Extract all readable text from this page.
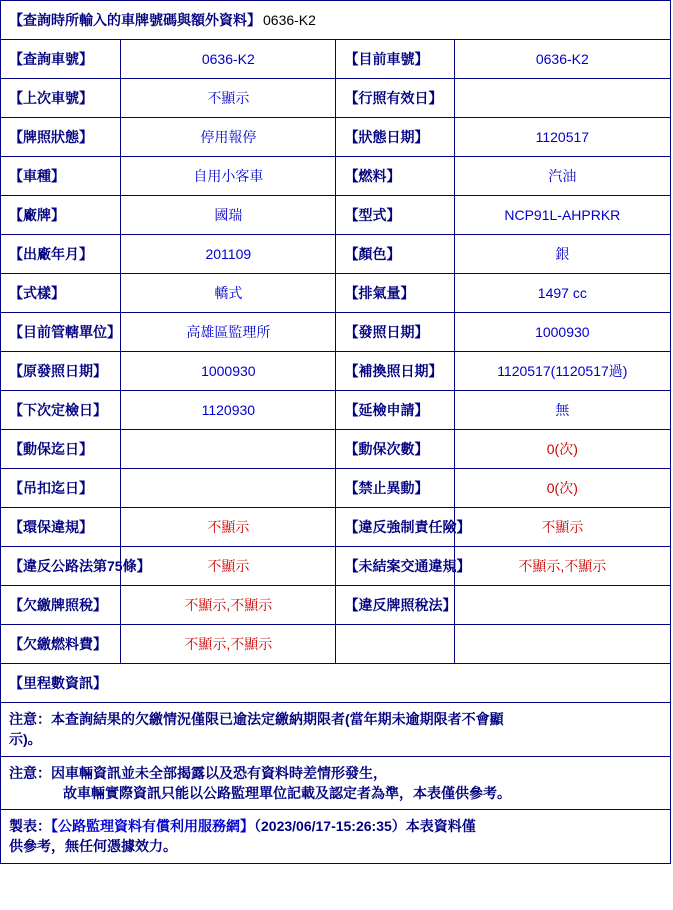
【查詢時所輸入的車牌號碼與額外資料】 0636-K2			
【查詢車號】	0636-K2	【目前車號】	0636-K2
【上次車號】	不顯示	【行照有效日】	
【牌照狀態】	停用報停	【狀態日期】	1120517
【車種】	自用小客車	【燃料】	汽油
【廠牌】	國瑞	【型式】	NCP91L-AHPRKR
【出廠年月】	201109	【顏色】	銀
【式樣】	轎式	【排氣量】	1497 cc
【目前管轄單位】	高雄區監理所	【發照日期】	1000930
【原發照日期】	1000930	【補換照日期】	1120517(1120517過)
【下次定檢日】	1120930	【延檢申請】	無
【動保迄日】		【動保次數】	0(次)
【吊扣迄日】		【禁止異動】	0(次)
【環保違規】	不顯示	【違反強制責任險】	不顯示
【違反公路法第75條】	不顯示	【未結案交通違規】	不顯示,不顯示
【欠繳牌照稅】	不顯示,不顯示	【違反牌照稅法】	
【欠繳燃料費】	不顯示,不顯示		
【里程數資訊】			
注意：本查詢結果的欠繳情況僅限已逾法定繳納期限者(當年期未逾期限者不會顯
示)。			
注意：因車輛資訊並未全部揭露以及恐有資料時差情形發生，

故車輛實際資訊只能以公路監理單位記載及認定者為準，本表僅供參考。			

製表：【公路監理資料有償利用服務網】（2023/06/17-15:26:35）本表資料僅
供參考，無任何憑據效力。			
